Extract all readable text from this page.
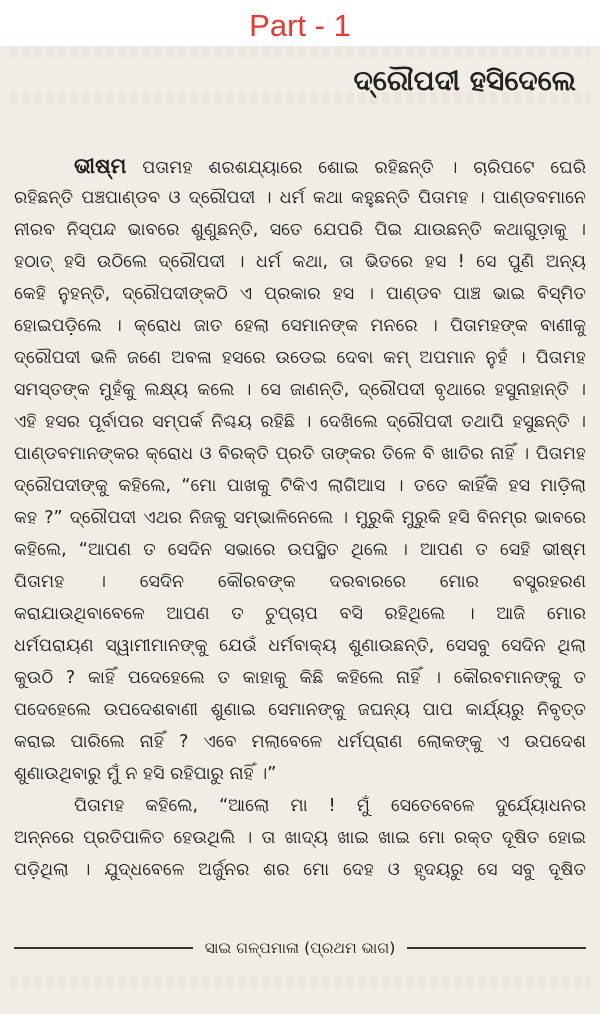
Part - 1
ଦ୍ରୌପଦୀ ହସିଦେଲେ
ଭୀଷ୍ମ ପତାମହ ଶରଶଯ୍ୟାରେ ଶୋଇ ରହିଛନ୍ତି । ଚାରିପଟେ ଘେରି
ରହିଛନ୍ତି ପଞ୍ଚପାଣ୍ଡବ ଓ ଦ୍ରୌପଦୀ । ଧର୍ମ କଥା କହୁଛନ୍ତି ପିତାମହ । ପାଣ୍ଡବମାନେ
ନୀରବ ନିସ୍ପନ୍ଦ ଭାବରେ ଶୁଣୁଛନ୍ତି, ସତେ ଯେପରି ପିଇ ଯାଉଛନ୍ତି କଥାଗୁଡ଼ାକୁ ।
ହଠାତ୍ ହସି ଉଠିଲେ ଦ୍ରୌପଦୀ । ଧର୍ମ କଥା, ତା ଭିତରେ ହସ ! ସେ ପୁଣି ଅନ୍ୟ
କେହି ନୁହନ୍ତି, ଦ୍ରୌପଦୀଙ୍କଠି ଏ ପ୍ରକାର ହସ । ପାଣ୍ଡବ ପାଞ୍ଚ ଭାଇ ବିସ୍ମିତ
ହୋଇପଡ଼ିଲେ । କ୍ରୋଧ ଜାତ ହେଲା ସେମାନଙ୍କ ମନରେ । ପିତାମହଙ୍କ ବାଣୀକୁ
ଦ୍ରୌପଦୀ ଭଳି ଜଣେ ଅବଳା ହସରେ ଉଡେଇ ଦେବା କମ୍ ଅପମାନ ନୁହଁ । ପିତାମହ
ସମସ୍ତଙ୍କ ମୁହଁକୁ ଲକ୍ଷ୍ୟ କଲେ । ସେ ଜାଣନ୍ତି, ଦ୍ରୌପଦୀ ବୃଥାରେ ହସୁନାହାନ୍ତି ।
ଏହି ହସର ପୂର୍ବାପର ସମ୍ପର୍କ ନିଶ୍ଚୟ ରହିଛି । ଦେଖିଲେ ଦ୍ରୌପଦୀ ତଥାପି ହସୁଛନ୍ତି ।
ପାଣ୍ଡବମାନଙ୍କର କ୍ରୋଧ ଓ ବିରକ୍ତି ପ୍ରତି ତାଙ୍କର ତିଳେ ବି ଖାତିର ନାହିଁ । ପିତାମହ
ଦ୍ରୌପଦୀଙ୍କୁ କହିଲେ, “ମୋ ପାଖକୁ ଟିକିଏ ଲାଗିଆସ । ତତେ କାହିଁକି ହସ ମାଡ଼ିଲା
କହ ?” ଦ୍ରୌପଦୀ ଏଥର ନିଜକୁ ସମ୍ଭାଳିନେଲେ । ମୁରୁକି ମୁରୁକି ହସି ବିନମ୍ର ଭାବରେ
କହିଲେ, “ଆପଣ ତ ସେଦିନ ସଭାରେ ଉପସ୍ଥିତ ଥିଲେ । ଆପଣ ତ ସେହି ଭୀଷ୍ମ
ପିତାମହ । ସେଦିନ କୌରବଙ୍କ ଦରବାରରେ ମୋର ବସ୍ତ୍ରହରଣ
କରାଯାଉଥିବାବେଳେ ଆପଣ ତ ଚୁପ୍‌ଚାପ ବସି ରହିଥିଲେ । ଆଜି ମୋର
ଧର୍ମପରାୟଣ ସ୍ୱାମୀମାନଙ୍କୁ ଯେଉଁ ଧର୍ମବାକ୍ୟ ଶୁଣାଉଛନ୍ତି, ସେସବୁ ସେଦିନ ଥିଲା
କୁଉଠି ? କାହିଁ ପଦେହେଲେ ତ କାହାକୁ କିଛି କହିଲେ ନାହିଁ । କୌରବମାନଙ୍କୁ ତ
ପଦେହେଲେ ଉପଦେଶବାଣୀ ଶୁଣାଇ ସେମାନଙ୍କୁ ଜଘନ୍ୟ ପାପ କାର୍ଯ୍ୟରୁ ନିବୃତ୍ତ
କରାଇ ପାରିଲେ ନାହିଁ ? ଏବେ ମଲାବେଳେ ଧର୍ମପ୍ରାଣ ଲୋକଙ୍କୁ ଏ ଉପଦେଶ
ଶୁଣାଉଥିବାରୁ ମୁଁ ନ ହସି ରହିପାରୁ ନାହିଁ ।”
ପିତାମହ କହିଲେ, “ଆଲୋ ମା ! ମୁଁ ସେତେବେଳେ ଦୁର୍ଯ୍ୟୋଧନର
ଅନ୍ନରେ ପ୍ରତିପାଳିତ ହେଉଥିଲି । ତା ଖାଦ୍ୟ ଖାଇ ଖାଇ ମୋ ରକ୍ତ ଦୂଷିତ ହୋଇ
ପଡ଼ିଥିଲା । ଯୁଦ୍ଧବେଳେ ଅର୍ଜୁନର ଶର ମୋ ଦେହ ଓ ହୃଦୟରୁ ସେ ସବୁ ଦୂଷିତ
ସାଇ ଗଳ୍ପମାଳା (ପ୍ରଥମ ଭାଗ)
